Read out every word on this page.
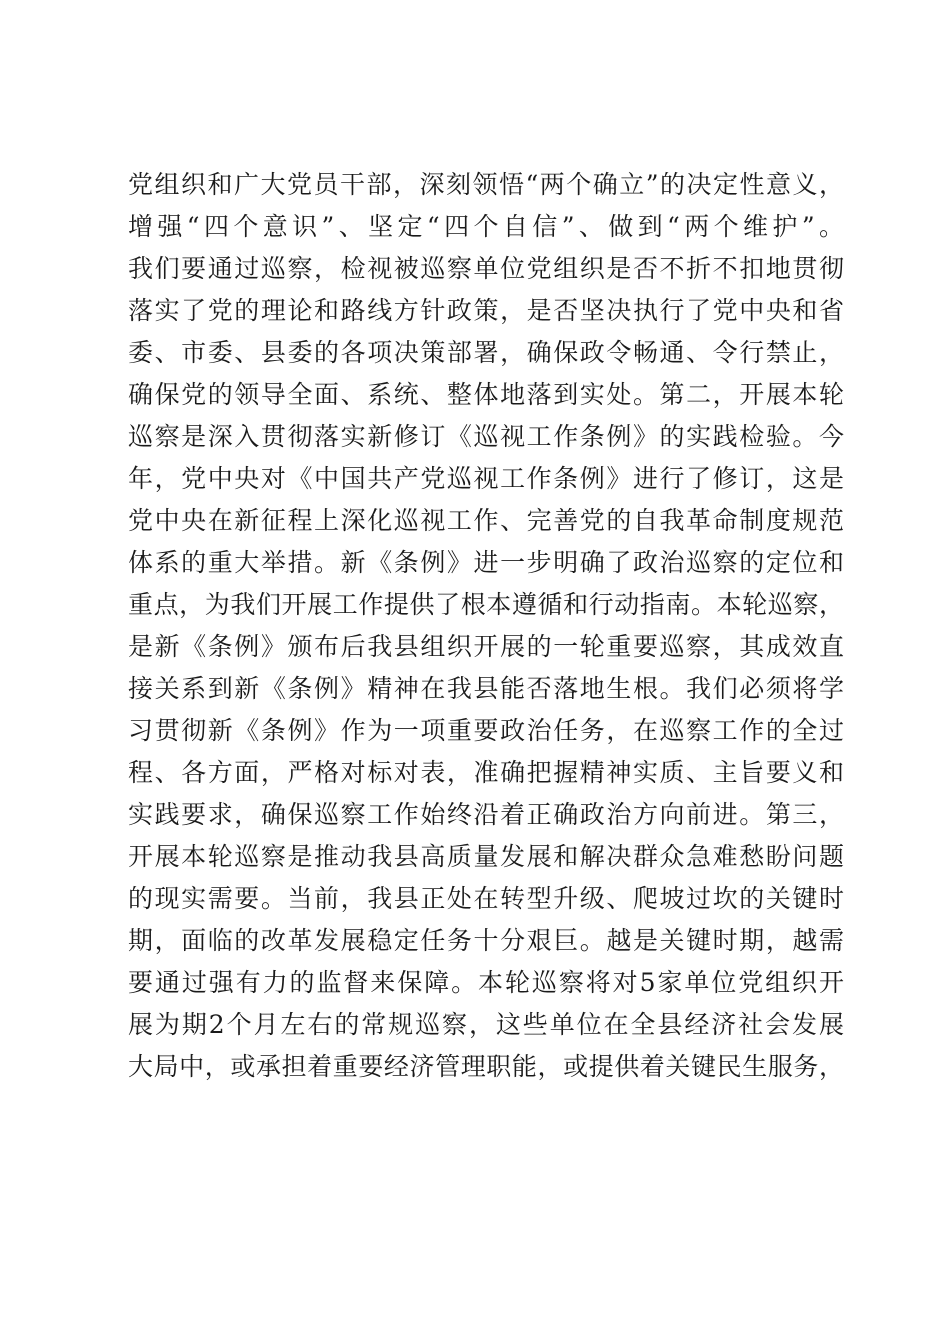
党组织和广大党员干部，深刻领悟“两个确立”的决定性意义，
增强“四个意识”、坚定“四个自信”、做到“两个维护”。
我们要通过巡察，检视被巡察单位党组织是否不折不扣地贯彻
落实了党的理论和路线方针政策，是否坚决执行了党中央和省
委、市委、县委的各项决策部署，确保政令畅通、令行禁止，
确保党的领导全面、系统、整体地落到实处。第二，开展本轮
巡察是深入贯彻落实新修订《巡视工作条例》的实践检验。今
年，党中央对《中国共产党巡视工作条例》进行了修订，这是
党中央在新征程上深化巡视工作、完善党的自我革命制度规范
体系的重大举措。新《条例》进一步明确了政治巡察的定位和
重点，为我们开展工作提供了根本遵循和行动指南。本轮巡察，
是新《条例》颁布后我县组织开展的一轮重要巡察，其成效直
接关系到新《条例》精神在我县能否落地生根。我们必须将学
习贯彻新《条例》作为一项重要政治任务，在巡察工作的全过
程、各方面，严格对标对表，准确把握精神实质、主旨要义和
实践要求，确保巡察工作始终沿着正确政治方向前进。第三，
开展本轮巡察是推动我县高质量发展和解决群众急难愁盼问题
的现实需要。当前，我县正处在转型升级、爬坡过坎的关键时
期，面临的改革发展稳定任务十分艰巨。越是关键时期，越需
要通过强有力的监督来保障。本轮巡察将对5家单位党组织开
展为期2个月左右的常规巡察，这些单位在全县经济社会发展
大局中，或承担着重要经济管理职能，或提供着关键民生服务，
